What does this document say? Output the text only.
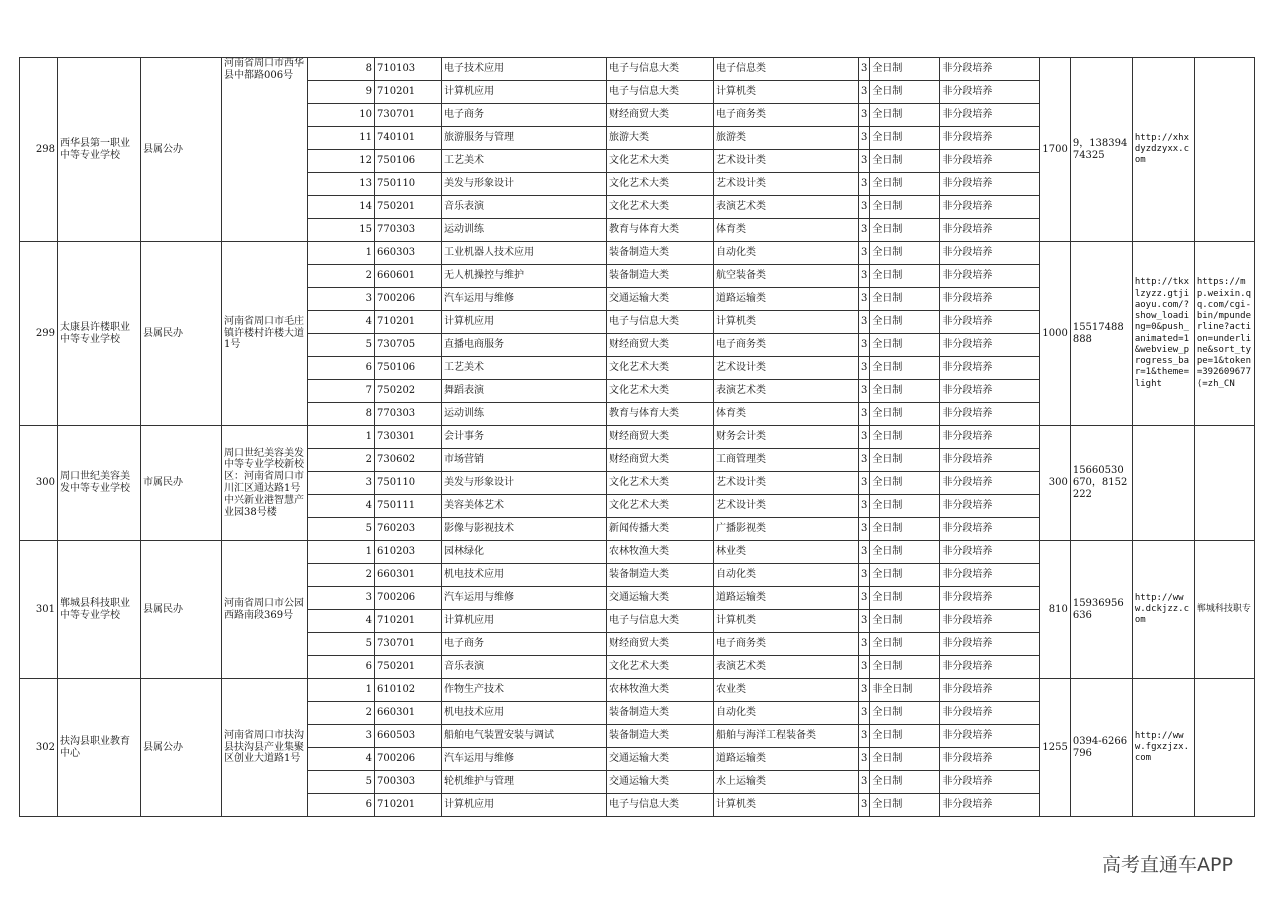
298	西华县第一职业中等专业学校	县属公办	河南省周口市西华县中都路006号	8	710103	电子技术应用	电子与信息大类	电子信息类	3	全日制	非分段培养	1700	9，13839474325	http://xhxdyzdzyxx.com	
				9	710201	计算机应用	电子与信息大类	计算机类	3	全日制	非分段培养				
				10	730701	电子商务	财经商贸大类	电子商务类	3	全日制	非分段培养				
				11	740101	旅游服务与管理	旅游大类	旅游类	3	全日制	非分段培养				
				12	750106	工艺美术	文化艺术大类	艺术设计类	3	全日制	非分段培养				
				13	750110	美发与形象设计	文化艺术大类	艺术设计类	3	全日制	非分段培养				
				14	750201	音乐表演	文化艺术大类	表演艺术类	3	全日制	非分段培养				
				15	770303	运动训练	教育与体育大类	体育类	3	全日制	非分段培养				
299	太康县许楼职业中等专业学校	县属民办	河南省周口市毛庄镇许楼村许楼大道1号	1	660303	工业机器人技术应用	装备制造大类	自动化类	3	全日制	非分段培养	1000	15517488888	http://tkxlzyzz.gtjiaoyu.com/?show_loading=0&push_animated=1&webview_progress_bar=1&theme=light	https://mp.weixin.qq.com/cgi-bin/mpunderline?action=underline&sort_type=1&token=392609677⟨=zh_CN
				2	660601	无人机操控与维护	装备制造大类	航空装备类	3	全日制	非分段培养				
				3	700206	汽车运用与维修	交通运输大类	道路运输类	3	全日制	非分段培养				
				4	710201	计算机应用	电子与信息大类	计算机类	3	全日制	非分段培养				
				5	730705	直播电商服务	财经商贸大类	电子商务类	3	全日制	非分段培养				
				6	750106	工艺美术	文化艺术大类	艺术设计类	3	全日制	非分段培养				
				7	750202	舞蹈表演	文化艺术大类	表演艺术类	3	全日制	非分段培养				
				8	770303	运动训练	教育与体育大类	体育类	3	全日制	非分段培养				
300	周口世纪美容美发中等专业学校	市属民办	周口世纪美容美发中等专业学校新校区：河南省周口市川汇区通达路1号中兴新业港智慧产业园38号楼	1	730301	会计事务	财经商贸大类	财务会计类	3	全日制	非分段培养	300	15660530670，8152222		
				2	730602	市场营销	财经商贸大类	工商管理类	3	全日制	非分段培养				
				3	750110	美发与形象设计	文化艺术大类	艺术设计类	3	全日制	非分段培养				
				4	750111	美容美体艺术	文化艺术大类	艺术设计类	3	全日制	非分段培养				
				5	760203	影像与影视技术	新闻传播大类	广播影视类	3	全日制	非分段培养				
301	郸城县科技职业中等专业学校	县属民办	河南省周口市公园西路南段369号	1	610203	园林绿化	农林牧渔大类	林业类	3	全日制	非分段培养	810	15936956636	http://www.dckjzz.com	郸城科技职专
				2	660301	机电技术应用	装备制造大类	自动化类	3	全日制	非分段培养				
				3	700206	汽车运用与维修	交通运输大类	道路运输类	3	全日制	非分段培养				
				4	710201	计算机应用	电子与信息大类	计算机类	3	全日制	非分段培养				
				5	730701	电子商务	财经商贸大类	电子商务类	3	全日制	非分段培养				
				6	750201	音乐表演	文化艺术大类	表演艺术类	3	全日制	非分段培养				
302	扶沟县职业教育中心	县属公办	河南省周口市扶沟县扶沟县产业集聚区创业大道路1号	1	610102	作物生产技术	农林牧渔大类	农业类	3	非全日制	非分段培养	1255	0394-6266796	http://www.fgxzjzx.com	
				2	660301	机电技术应用	装备制造大类	自动化类	3	全日制	非分段培养				
				3	660503	船舶电气装置安装与调试	装备制造大类	船舶与海洋工程装备类	3	全日制	非分段培养				
				4	700206	汽车运用与维修	交通运输大类	道路运输类	3	全日制	非分段培养				
				5	700303	轮机维护与管理	交通运输大类	水上运输类	3	全日制	非分段培养				
				6	710201	计算机应用	电子与信息大类	计算机类	3	全日制	非分段培养				
高考直通车APP
